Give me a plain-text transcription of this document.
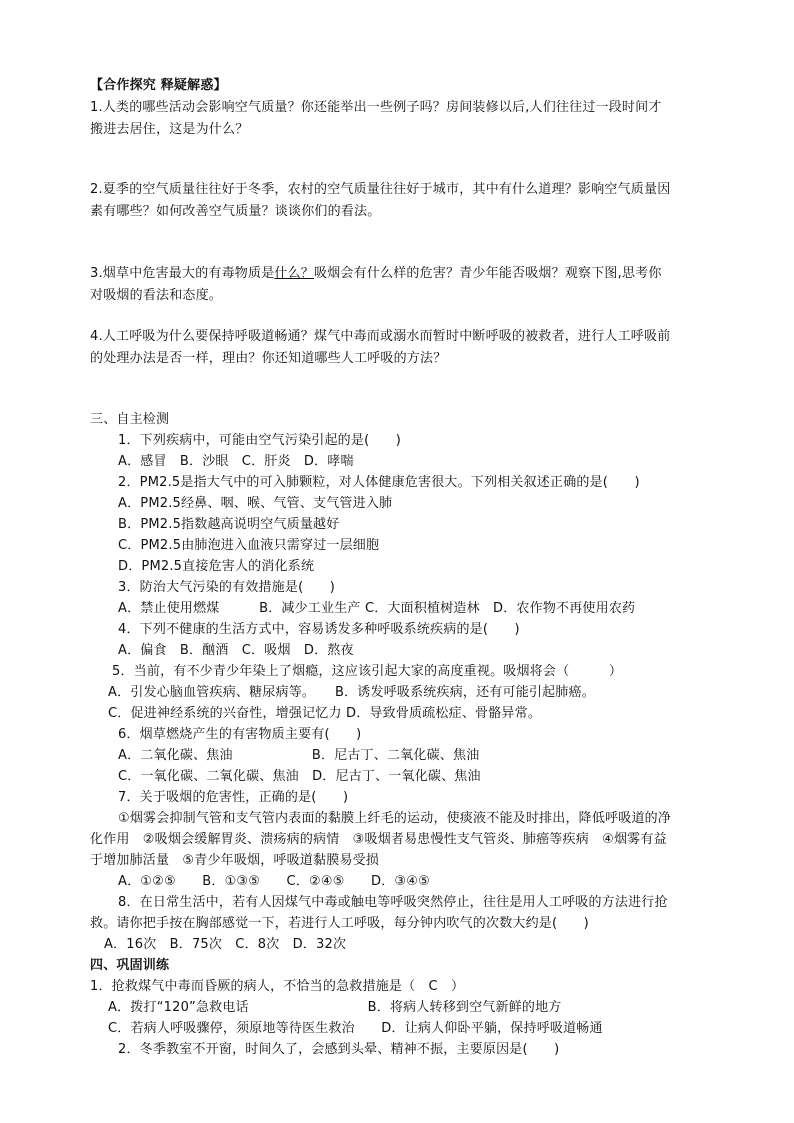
【合作探究 释疑解惑】
1.人类的哪些活动会影响空气质量？你还能举出一些例子吗？房间装修以后,人们往往过一段时间才
搬进去居住，这是为什么？
2.夏季的空气质量往往好于冬季，农村的空气质量往往好于城市，其中有什么道理？影响空气质量因
素有哪些？如何改善空气质量？谈谈你们的看法。
3.烟草中危害最大的有毒物质是什么？吸烟会有什么样的危害？青少年能否吸烟？观察下图,思考你
对吸烟的看法和态度。
4.人工呼吸为什么要保持呼吸道畅通？煤气中毒而或溺水而暂时中断呼吸的被救者，进行人工呼吸前
的处理办法是否一样，理由？你还知道哪些人工呼吸的方法？
三、自主检测
1．下列疾病中，可能由空气污染引起的是(　　)
A．感冒　B．沙眼　C．肝炎　D．哮喘
2．PM2.5是指大气中的可入肺颗粒，对人体健康危害很大。下列相关叙述正确的是(　　)
A．PM2.5经鼻、咽、喉、气管、支气管进入肺
B．PM2.5指数越高说明空气质量越好
C．PM2.5由肺泡进入血液只需穿过一层细胞
D．PM2.5直接危害人的消化系统
3．防治大气污染的有效措施是(　　)
A．禁止使用燃煤　　　B．减少工业生产 C．大面积植树造林　D．农作物不再使用农药
4．下列不健康的生活方式中，容易诱发多种呼吸系统疾病的是(　　)
A．偏食　B．酗酒　C．吸烟　D．熬夜
5．当前，有不少青少年染上了烟瘾，这应该引起大家的高度重视。吸烟将会（　　　）
A．引发心脑血管疾病、糖尿病等。　　B．诱发呼吸系统疾病，还有可能引起肺癌。
C．促进神经系统的兴奋性，增强记忆力 D．导致骨质疏松症、骨骼异常。
6．烟草燃烧产生的有害物质主要有(　　)
A．二氧化碳、焦油　　　　　　B．尼古丁、二氧化碳、焦油
C．一氧化碳、二氧化碳、焦油　D．尼古丁、一氧化碳、焦油
7．关于吸烟的危害性，正确的是(　　)
①烟雾会抑制气管和支气管内表面的黏膜上纤毛的运动，使痰液不能及时排出，降低呼吸道的净
化作用　②吸烟会缓解胃炎、溃疡病的病情　③吸烟者易患慢性支气管炎、肺癌等疾病　④烟雾有益
于增加肺活量　⑤青少年吸烟，呼吸道黏膜易受损
A．①②⑤　　B．①③⑤　　C．②④⑤　　D．③④⑤
8．在日常生活中，若有人因煤气中毒或触电等呼吸突然停止，往往是用人工呼吸的方法进行抢
救。请你把手按在胸部感觉一下，若进行人工呼吸，每分钟内吹气的次数大约是(　　)
A．16次　B．75次　C．8次　D．32次
四、巩固训练
1．抢救煤气中毒而昏厥的病人，不恰当的急救措施是（　C　）
A．拨打“120”急救电话　　　　　　　　　B．将病人转移到空气新鲜的地方
C．若病人呼吸骤停，须原地等待医生救治　　D．让病人仰卧平躺，保持呼吸道畅通
2．冬季教室不开窗，时间久了，会感到头晕、精神不振，主要原因是(　　)
